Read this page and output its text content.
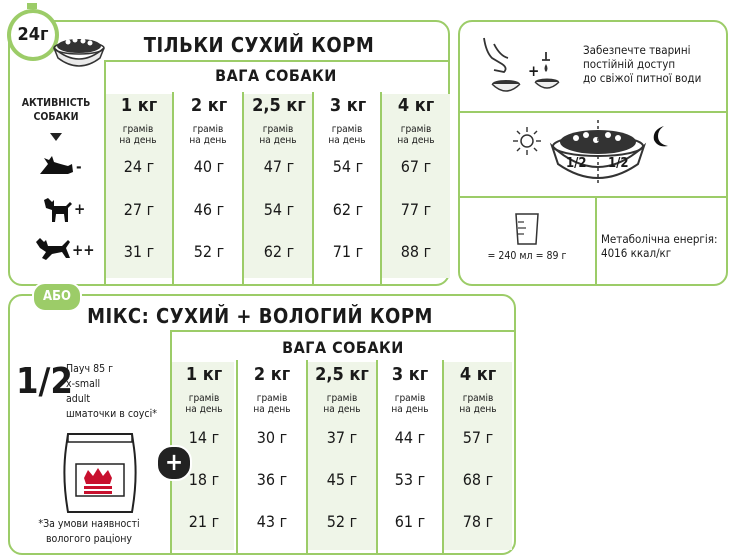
24г	ТІЛЬКИ СУХИЙ КОРМ
ВАГА СОБАКИ
АКТИВНІСТЬ СОБАКИ
-
+
++
1 кг	2 кг	2,5 кг	3 кг	4 кг
грамів на день
грамів на день
грамів на день
грамів на день
грамів на день
24 г	40 г	47 г	54 г	67 г
27 г	46 г	54 г	62 г	77 г
31 г	52 г	62 г	71 г	88 г
+
Забезпечте тварині
постійній доступ
до свіжої питної води
1/2 1/2
= 240 мл = 89 г
Метаболічна енергія:
4016 ккал/кг
АБО
МІКС: СУХИЙ + ВОЛОГИЙ КОРМ
ВАГА СОБАКИ
1/2
Пауч 85 г
x-small
adult
шматочки в соусі*
*За умови наявності
вологого раціону
+
1 кг	2 кг	2,5 кг	3 кг	4 кг
грамів на день
грамів на день
грамів на день
грамів на день
грамів на день
14 г	30 г	37 г	44 г	57 г
18 г	36 г	45 г	53 г	68 г
21 г	43 г	52 г	61 г	78 г
